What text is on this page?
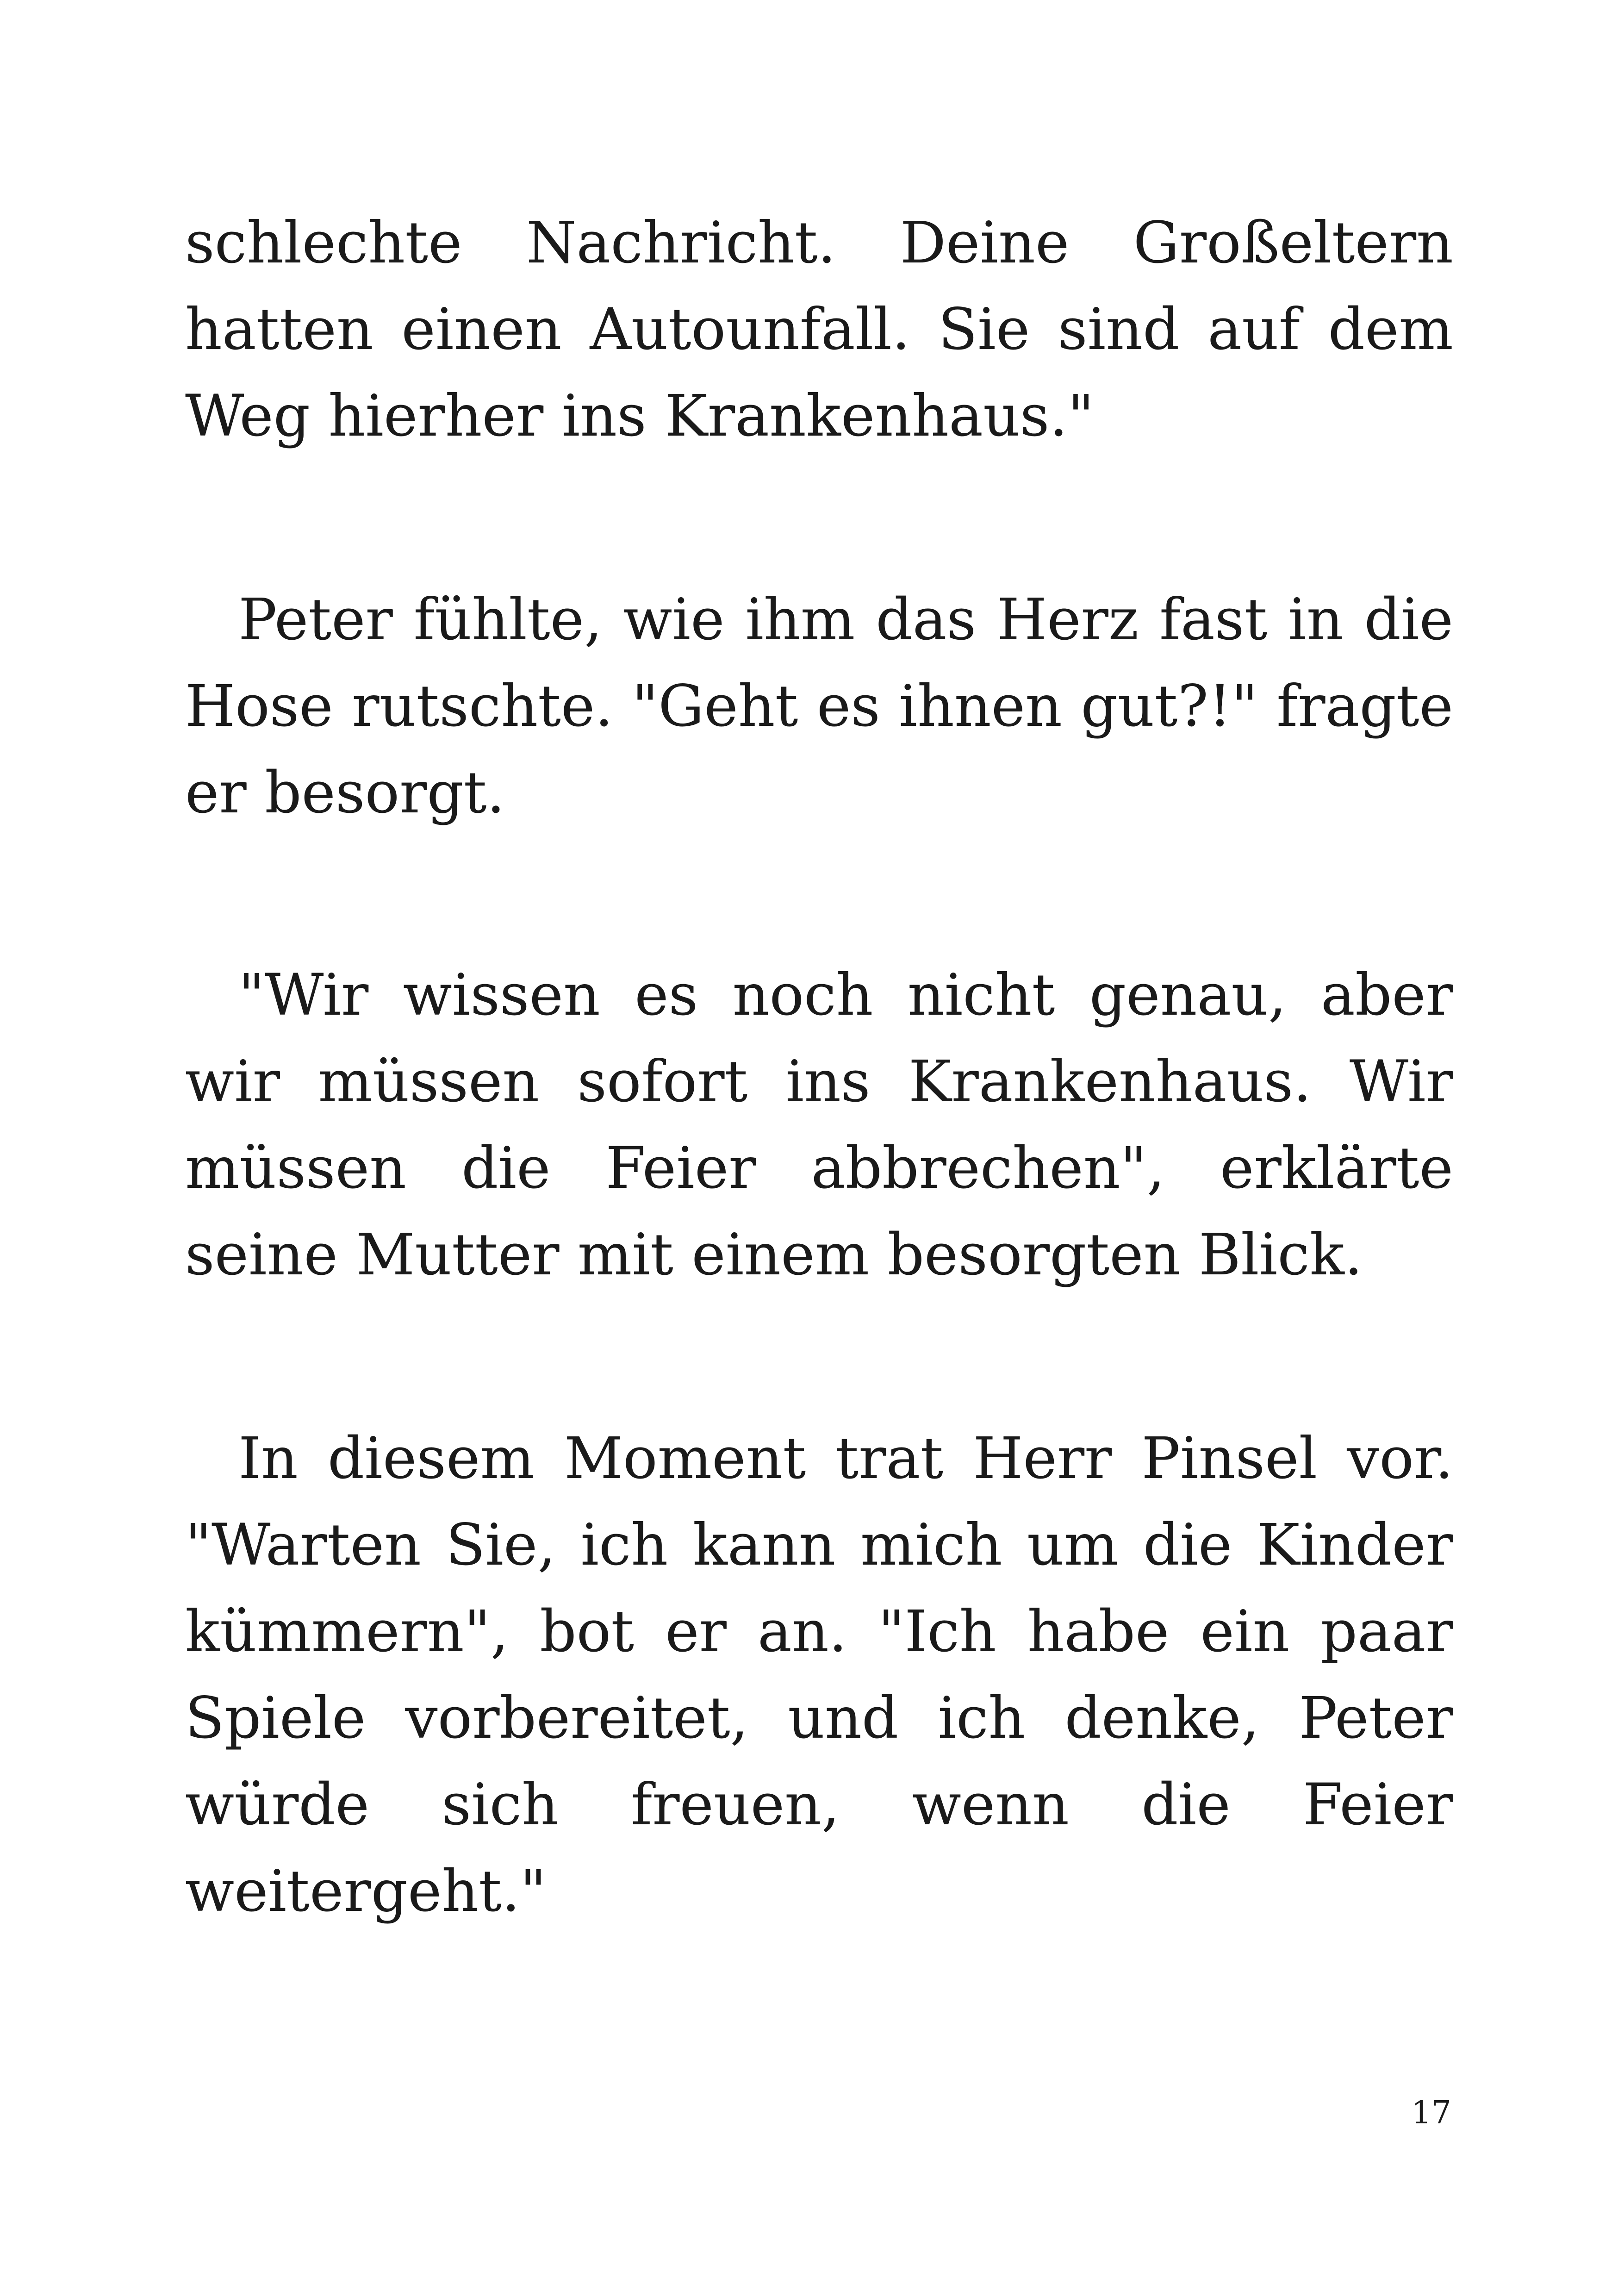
schlechte Nachricht. Deine Großeltern hatten einen Autounfall. Sie sind auf dem Weg hierher ins Krankenhaus."

Peter fühlte, wie ihm das Herz fast in die Hose rutschte. "Geht es ihnen gut?!" fragte er besorgt.

"Wir wissen es noch nicht genau, aber wir müssen sofort ins Krankenhaus. Wir müssen die Feier abbrechen", erklärte seine Mutter mit einem besorgten Blick.

In diesem Moment trat Herr Pinsel vor. "Warten Sie, ich kann mich um die Kinder kümmern", bot er an. "Ich habe ein paar Spiele vorbereitet, und ich denke, Peter würde sich freuen, wenn die Feier weitergeht."

17
